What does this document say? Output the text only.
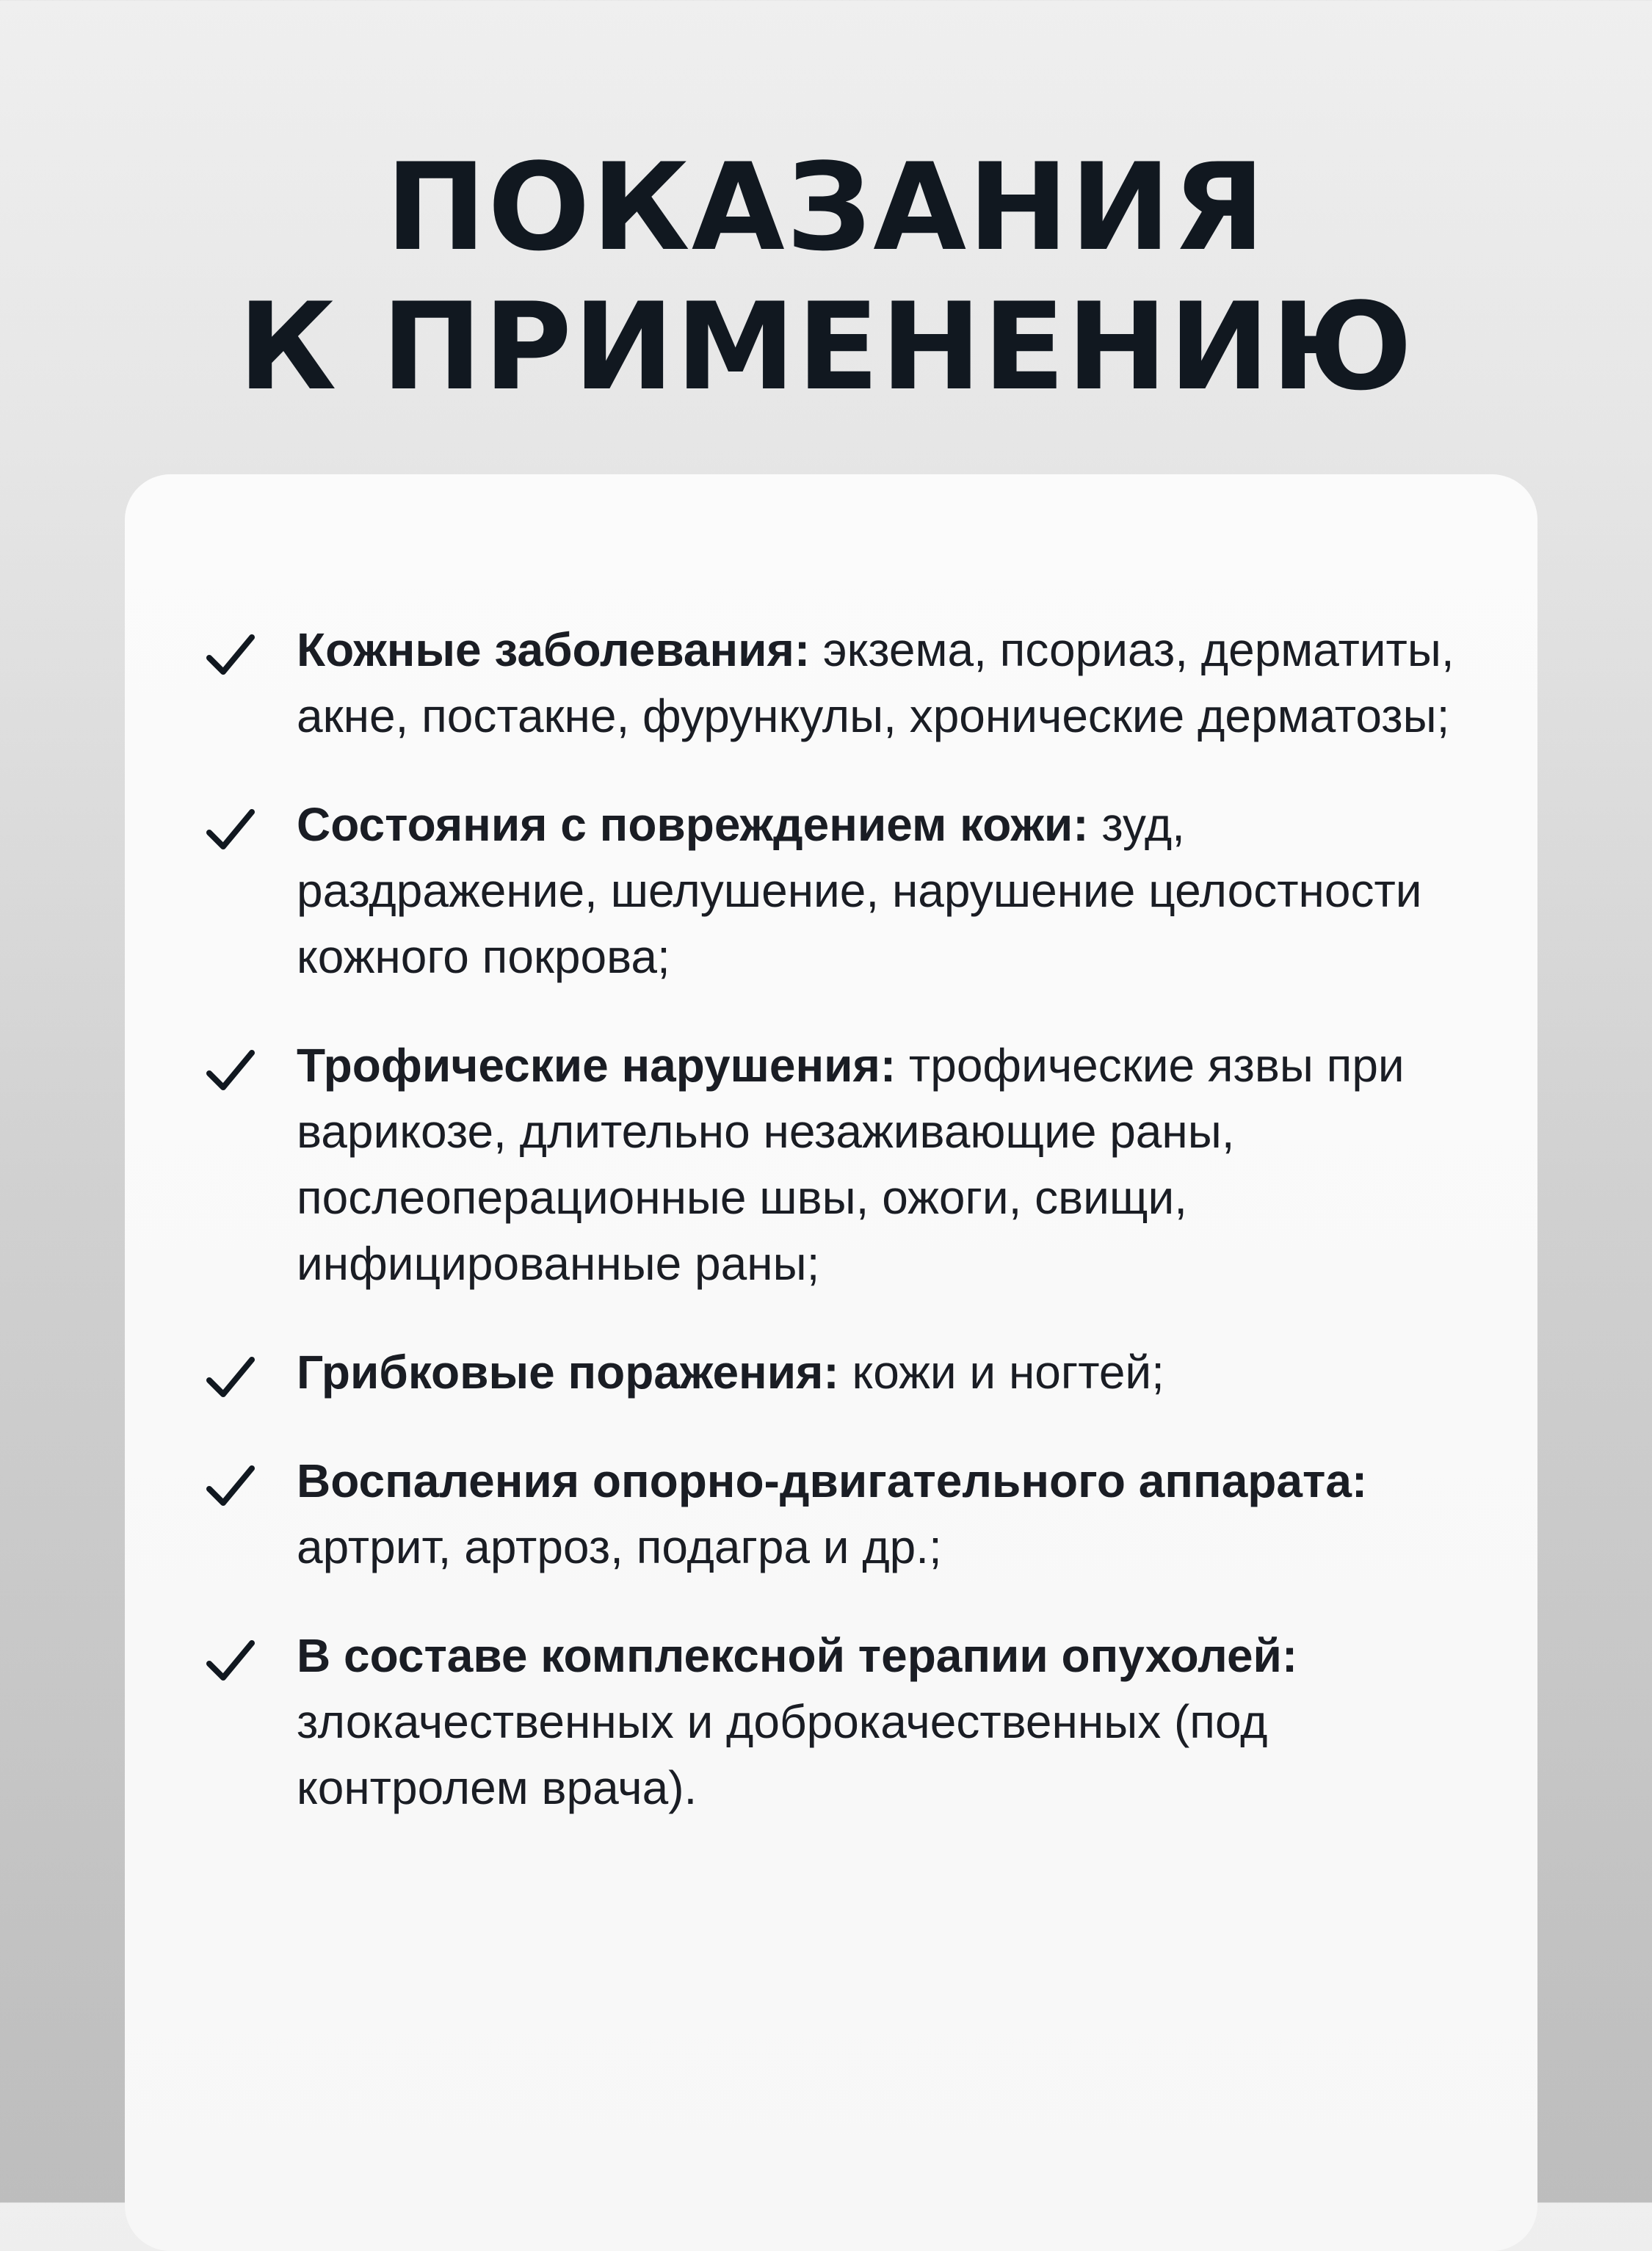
ПОКАЗАНИЯ
К ПРИМЕНЕНИЮ
Кожные заболевания: экзема, псориаз, дерматиты, акне, постакне, фурункулы, хронические дерматозы;
Состояния с повреждением кожи: зуд, раздражение, шелушение, нарушение целостности кожного покрова;
Трофические нарушения: трофические язвы при варикозе, длительно незаживающие раны, послеоперационные швы, ожоги, свищи, инфицированные раны;
Грибковые поражения: кожи и ногтей;
Воспаления опорно-двигательного аппарата: артрит, артроз, подагра и др.;
В составе комплексной терапии опухолей: злокачественных и доброкачественных (под контролем врача).
